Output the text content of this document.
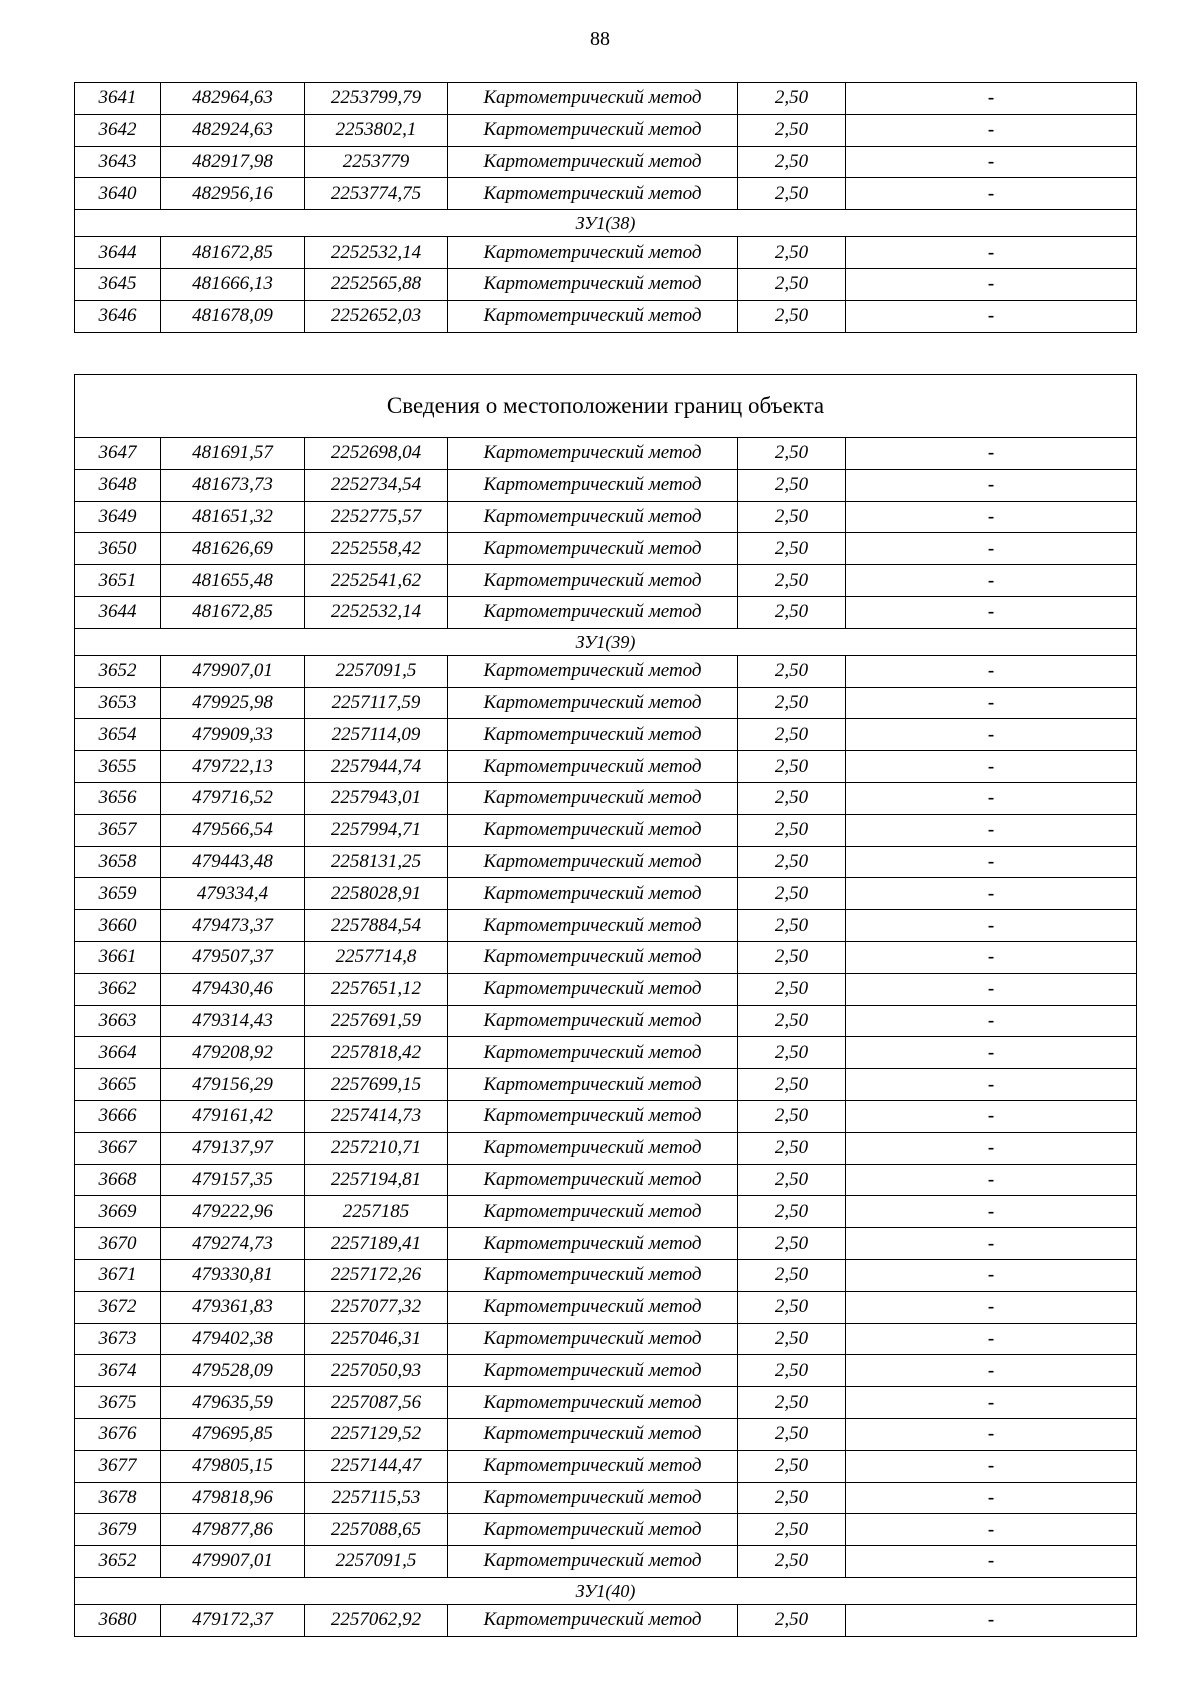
88
3641	482964,63	2253799,79	Картометрический метод	2,50	-
3642	482924,63	2253802,1	Картометрический метод	2,50	-
3643	482917,98	2253779	Картометрический метод	2,50	-
3640	482956,16	2253774,75	Картометрический метод	2,50	-
ЗУ1(38)					
3644	481672,85	2252532,14	Картометрический метод	2,50	-
3645	481666,13	2252565,88	Картометрический метод	2,50	-
3646	481678,09	2252652,03	Картометрический метод	2,50	-
Сведения о местоположении границ объекта					
3647	481691,57	2252698,04	Картометрический метод	2,50	-
3648	481673,73	2252734,54	Картометрический метод	2,50	-
3649	481651,32	2252775,57	Картометрический метод	2,50	-
3650	481626,69	2252558,42	Картометрический метод	2,50	-
3651	481655,48	2252541,62	Картометрический метод	2,50	-
3644	481672,85	2252532,14	Картометрический метод	2,50	-
ЗУ1(39)					
3652	479907,01	2257091,5	Картометрический метод	2,50	-
3653	479925,98	2257117,59	Картометрический метод	2,50	-
3654	479909,33	2257114,09	Картометрический метод	2,50	-
3655	479722,13	2257944,74	Картометрический метод	2,50	-
3656	479716,52	2257943,01	Картометрический метод	2,50	-
3657	479566,54	2257994,71	Картометрический метод	2,50	-
3658	479443,48	2258131,25	Картометрический метод	2,50	-
3659	479334,4	2258028,91	Картометрический метод	2,50	-
3660	479473,37	2257884,54	Картометрический метод	2,50	-
3661	479507,37	2257714,8	Картометрический метод	2,50	-
3662	479430,46	2257651,12	Картометрический метод	2,50	-
3663	479314,43	2257691,59	Картометрический метод	2,50	-
3664	479208,92	2257818,42	Картометрический метод	2,50	-
3665	479156,29	2257699,15	Картометрический метод	2,50	-
3666	479161,42	2257414,73	Картометрический метод	2,50	-
3667	479137,97	2257210,71	Картометрический метод	2,50	-
3668	479157,35	2257194,81	Картометрический метод	2,50	-
3669	479222,96	2257185	Картометрический метод	2,50	-
3670	479274,73	2257189,41	Картометрический метод	2,50	-
3671	479330,81	2257172,26	Картометрический метод	2,50	-
3672	479361,83	2257077,32	Картометрический метод	2,50	-
3673	479402,38	2257046,31	Картометрический метод	2,50	-
3674	479528,09	2257050,93	Картометрический метод	2,50	-
3675	479635,59	2257087,56	Картометрический метод	2,50	-
3676	479695,85	2257129,52	Картометрический метод	2,50	-
3677	479805,15	2257144,47	Картометрический метод	2,50	-
3678	479818,96	2257115,53	Картометрический метод	2,50	-
3679	479877,86	2257088,65	Картометрический метод	2,50	-
3652	479907,01	2257091,5	Картометрический метод	2,50	-
ЗУ1(40)					
3680	479172,37	2257062,92	Картометрический метод	2,50	-
